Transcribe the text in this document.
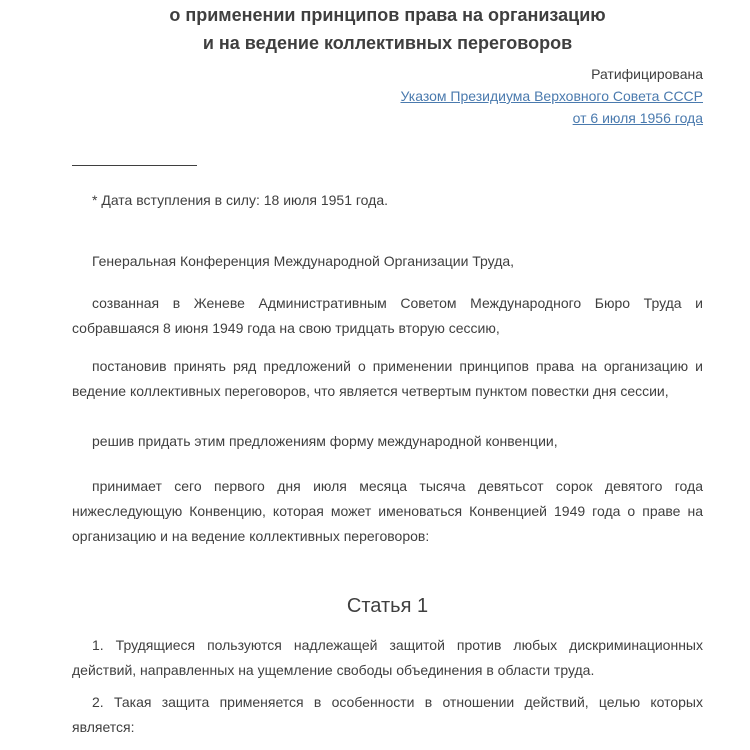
о применении принципов права на организацию
и на ведение коллективных переговоров
Ратифицирована
Указом Президиума Верховного Совета СССР
от 6 июля 1956 года

* Дата вступления в силу: 18 июля 1951 года.

Генеральная Конференция Международной Организации Труда,

созванная в Женеве Административным Советом Международного Бюро Труда и собравшаяся 8 июня 1949 года на свою тридцать вторую сессию,

постановив принять ряд предложений о применении принципов права на организацию и ведение коллективных переговоров, что является четвертым пунктом повестки дня сессии,

решив придать этим предложениям форму международной конвенции,

принимает сего первого дня июля месяца тысяча девятьсот сорок девятого года нижеследующую Конвенцию, которая может именоваться Конвенцией 1949 года о праве на организацию и на ведение коллективных переговоров:

Статья 1

1. Трудящиеся пользуются надлежащей защитой против любых дискриминационных действий, направленных на ущемление свободы объединения в области труда.

2. Такая защита применяется в особенности в отношении действий, целью которых является:
